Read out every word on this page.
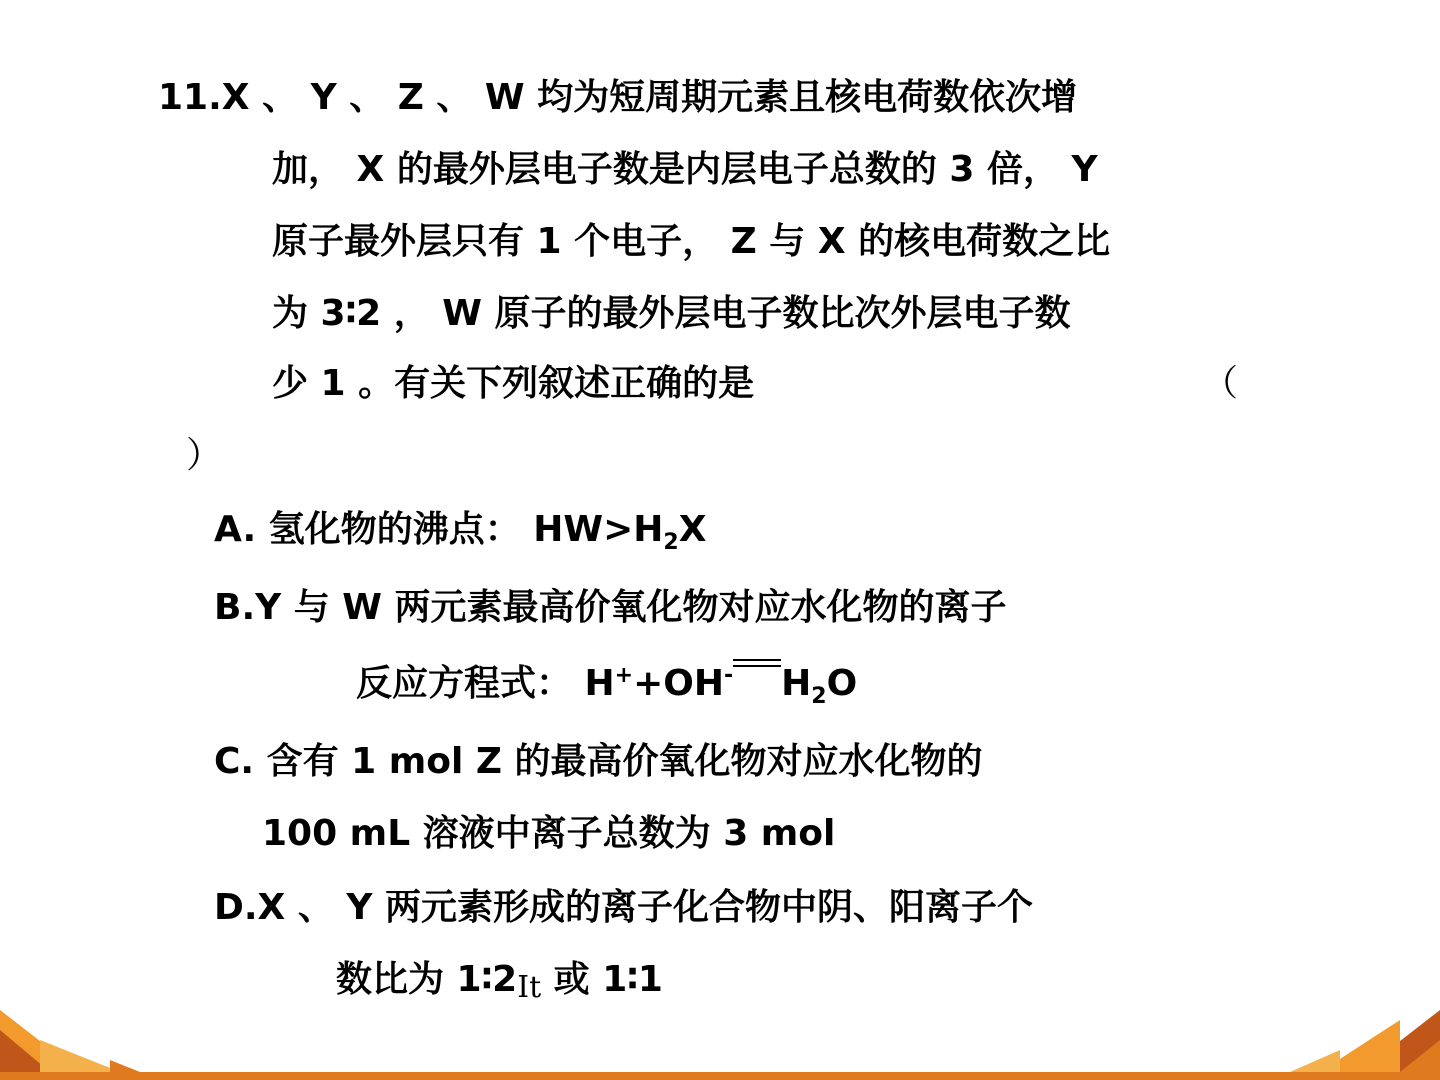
11.X 、 Y 、 Z 、 W 均为短周期元素且核电荷数依次增
加， X 的最外层电子数是内层电子总数的 3 倍， Y
原子最外层只有 1 个电子， Z 与 X 的核电荷数之比
为 3∶2 ， W 原子的最外层电子数比次外层电子数
少 1 。有关下列叙述正确的是	（
）
A. 氢化物的沸点： $HW>H_2X$
B.Y 与 W 两元素最高价氧化物对应水化物的离子
反应方程式： H++OH- $H_2O$
C. 含有 1 mol Z 的最高价氧化物对应水化物的
100 mL 溶液中离子总数为 3 mol
D.X 、 Y 两元素形成的离子化合物中阴、阳离子个
数比为 1∶2It 或 1∶1
